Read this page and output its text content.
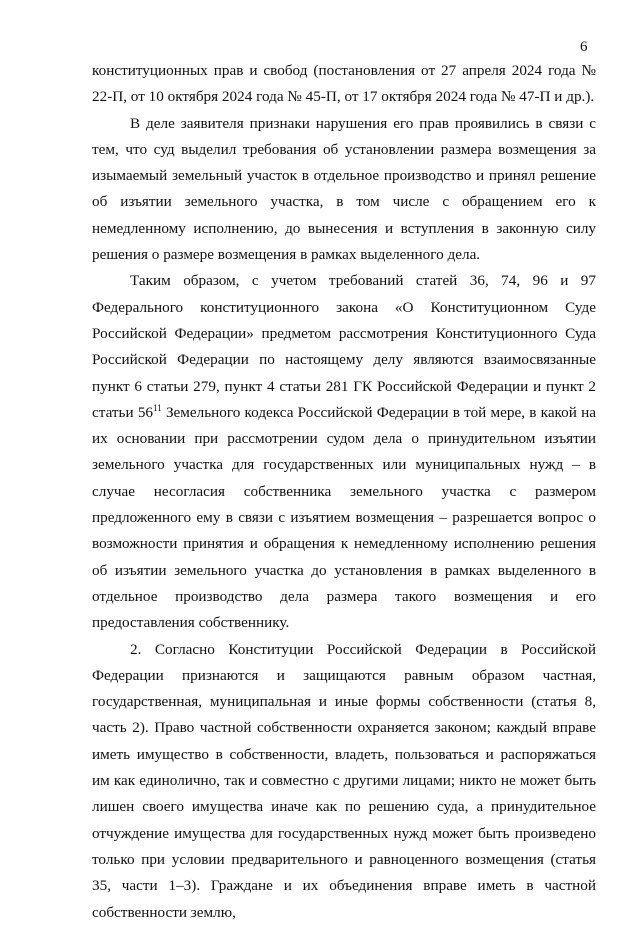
6

конституционных прав и свобод (постановления от 27 апреля 2024 года № 22-П, от 10 октября 2024 года № 45-П, от 17 октября 2024 года № 47-П и др.).

В деле заявителя признаки нарушения его прав проявились в связи с тем, что суд выделил требования об установлении размера возмещения за изымаемый земельный участок в отдельное производство и принял решение об изъятии земельного участка, в том числе с обращением его к немедленному исполнению, до вынесения и вступления в законную силу решения о размере возмещения в рамках выделенного дела.

Таким образом, с учетом требований статей 36, 74, 96 и 97 Федерального конституционного закона «О Конституционном Суде Российской Федерации» предметом рассмотрения Конституционного Суда Российской Федерации по настоящему делу являются взаимосвязанные пункт 6 статьи 279, пункт 4 статьи 281 ГК Российской Федерации и пункт 2 статьи $56^{11}$ Земельного кодекса Российской Федерации в той мере, в какой на их основании при рассмотрении судом дела о принудительном изъятии земельного участка для государственных или муниципальных нужд – в случае несогласия собственника земельного участка с размером предложенного ему в связи с изъятием возмещения – разрешается вопрос о возможности принятия и обращения к немедленному исполнению решения об изъятии земельного участка до установления в рамках выделенного в отдельное производство дела размера такого возмещения и его предоставления собственнику.

2. Согласно Конституции Российской Федерации в Российской Федерации признаются и защищаются равным образом частная, государственная, муниципальная и иные формы собственности (статья 8, часть 2). Право частной собственности охраняется законом; каждый вправе иметь имущество в собственности, владеть, пользоваться и распоряжаться им как единолично, так и совместно с другими лицами; никто не может быть лишен своего имущества иначе как по решению суда, а принудительное отчуждение имущества для государственных нужд может быть произведено только при условии предварительного и равноценного возмещения (статья 35, части 1–3). Граждане и их объединения вправе иметь в частной собственности землю,
